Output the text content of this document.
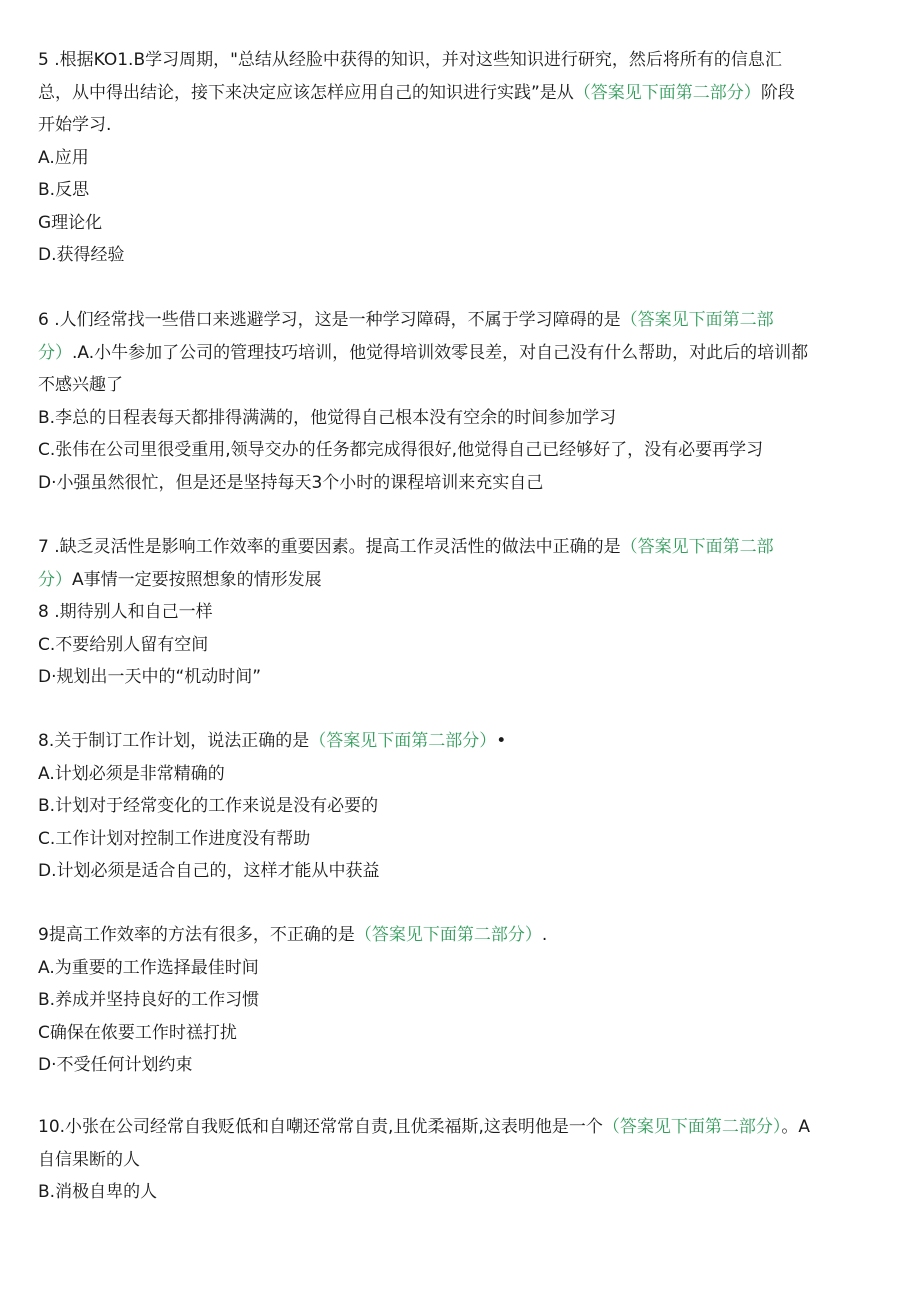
5 .根据KO1.B学习周期，"总结从经脸中获得的知识，并对这些知识进行研究，然后将所有的信息汇
总，从中得出结论，接下来决定应该怎样应用自己的知识进行实践”是从（答案见下面第二部分）阶段
开始学习.
A.应用
B.反思
G理论化
D.获得经验
6 .人们经常找一些借口来逃避学习，这是一种学习障碍，不属于学习障碍的是（答案见下面第二部
分）.A.小牛参加了公司的管理技巧培训，他觉得培训效零艮差，对自己没有什么帮助，对此后的培训都
不感兴趣了
B.李总的日程表每天都排得满满的，他觉得自己根本没有空余的时间参加学习
C.张伟在公司里很受重用,领导交办的任务都完成得很好,他觉得自己已经够好了，没有必要再学习
D·小强虽然很忙，但是还是坚持每天3个小时的课程培训来充实自己
7 .缺乏灵活性是影响工作效率的重要因素。提高工作灵活性的做法中正确的是（答案见下面第二部
分）A事情一定要按照想象的情形发展
8 .期待别人和自己一样
C.不要给别人留有空间
D·规划出一天中的“机动时间”
8.关于制订工作计划，说法正确的是（答案见下面第二部分）•
A.计划必须是非常精确的
B.计划对于经常变化的工作来说是没有必要的
C.工作计划对控制工作进度没有帮助
D.计划必须是适合自己的，这样才能从中获益
9提高工作效率的方法有很多，不正确的是（答案见下面第二部分）.
A.为重要的工作选择最佳时间
B.养成并坚持良好的工作习惯
C确保在侬要工作时禚打扰
D·不受任何计划约束
10.小张在公司经常自我贬低和自嘲还常常自责,且优柔福斯,这表明他是一个（答案见下面第二部分）。A
自信果断的人
B.消极自卑的人
